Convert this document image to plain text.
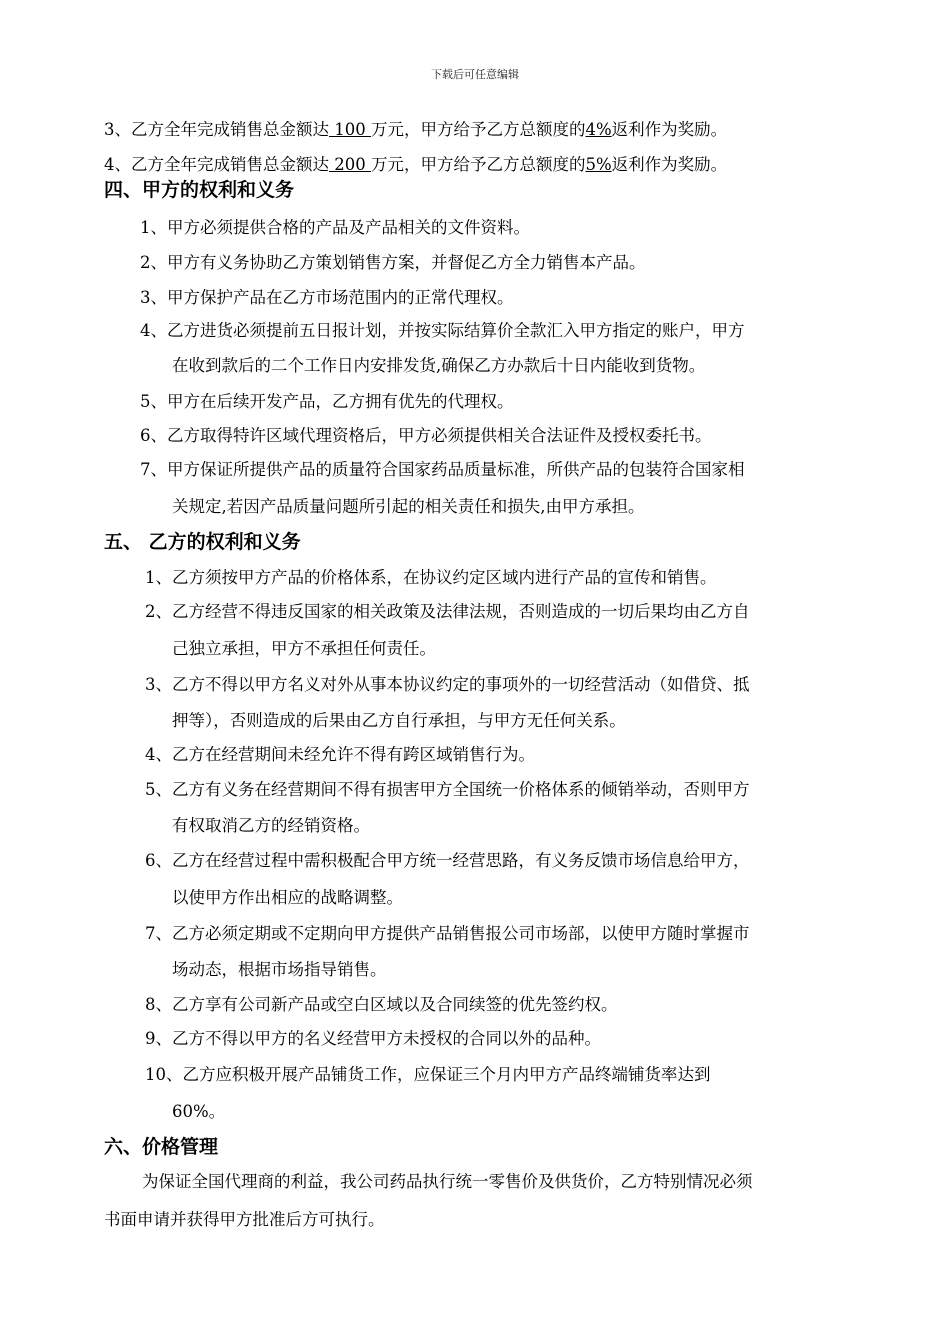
下载后可任意编辑
3、乙方全年完成销售总金额达 100 万元，甲方给予乙方总额度的4%返利作为奖励。
4、乙方全年完成销售总金额达 200 万元，甲方给予乙方总额度的5%返利作为奖励。
四、甲方的权利和义务
1、甲方必须提供合格的产品及产品相关的文件资料。
2、甲方有义务协助乙方策划销售方案，并督促乙方全力销售本产品。
3、甲方保护产品在乙方市场范围内的正常代理权。
4、乙方进货必须提前五日报计划，并按实际结算价全款汇入甲方指定的账户，甲方
在收到款后的二个工作日内安排发货,确保乙方办款后十日内能收到货物。
5、甲方在后续开发产品，乙方拥有优先的代理权。
6、乙方取得特许区域代理资格后，甲方必须提供相关合法证件及授权委托书。
7、甲方保证所提供产品的质量符合国家药品质量标准，所供产品的包装符合国家相
关规定,若因产品质量问题所引起的相关责任和损失,由甲方承担。
五、 乙方的权利和义务
1、乙方须按甲方产品的价格体系，在协议约定区域内进行产品的宣传和销售。
2、乙方经营不得违反国家的相关政策及法律法规，否则造成的一切后果均由乙方自
己独立承担，甲方不承担任何责任。
3、乙方不得以甲方名义对外从事本协议约定的事项外的一切经营活动（如借贷、抵
押等），否则造成的后果由乙方自行承担，与甲方无任何关系。
4、乙方在经营期间未经允许不得有跨区域销售行为。
5、乙方有义务在经营期间不得有损害甲方全国统一价格体系的倾销举动，否则甲方
有权取消乙方的经销资格。
6、乙方在经营过程中需积极配合甲方统一经营思路，有义务反馈市场信息给甲方，
以使甲方作出相应的战略调整。
7、乙方必须定期或不定期向甲方提供产品销售报公司市场部，以使甲方随时掌握市
场动态，根据市场指导销售。
8、乙方享有公司新产品或空白区域以及合同续签的优先签约权。
9、乙方不得以甲方的名义经营甲方未授权的合同以外的品种。
10、乙方应积极开展产品铺货工作，应保证三个月内甲方产品终端铺货率达到
60%。
六、价格管理
为保证全国代理商的利益，我公司药品执行统一零售价及供货价，乙方特别情况必须
书面申请并获得甲方批准后方可执行。
